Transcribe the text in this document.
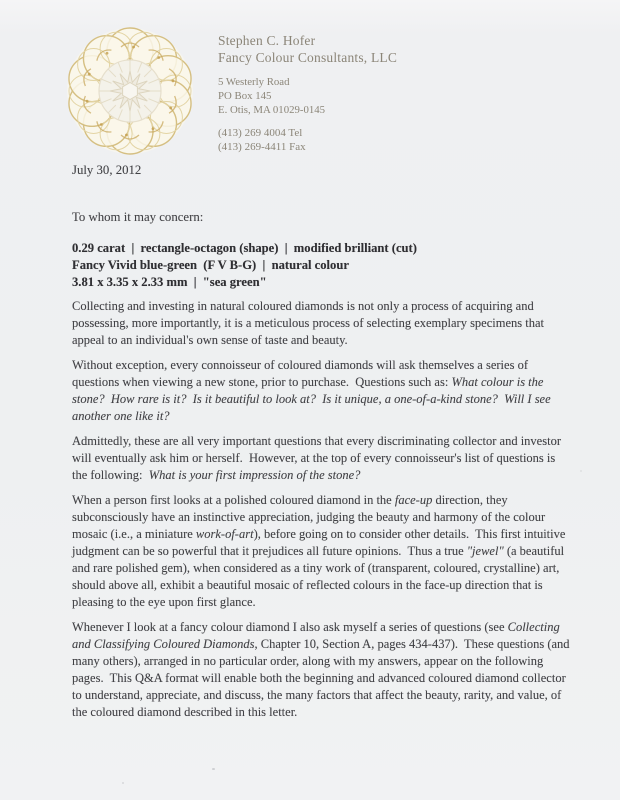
Stephen C. Hofer
Fancy Colour Consultants, LLC
5 Westerly Road
PO Box 145
E. Otis, MA 01029-0145
(413) 269 4004 Tel
(413) 269-4411 Fax
July 30, 2012
To whom it may concern:
0.29 carat  |  rectangle-octagon (shape)  |  modified brilliant (cut)
Fancy Vivid blue-green  (F V B-G)  |  natural colour
3.81 x 3.35 x 2.33 mm  |  "sea green"

Collecting and investing in natural coloured diamonds is not only a process of acquiring and possessing, more importantly, it is a meticulous process of selecting exemplary specimens that appeal to an individual's own sense of taste and beauty.

Without exception, every connoisseur of coloured diamonds will ask themselves a series of questions when viewing a new stone, prior to purchase.  Questions such as: What colour is the stone?  How rare is it?  Is it beautiful to look at?  Is it unique, a one-of-a-kind stone?  Will I see another one like it?

Admittedly, these are all very important questions that every discriminating collector and investor will eventually ask him or herself.  However, at the top of every connoisseur's list of questions is the following:  What is your first impression of the stone?

When a person first looks at a polished coloured diamond in the face-up direction, they subconsciously have an instinctive appreciation, judging the beauty and harmony of the colour mosaic (i.e., a miniature work-of-art), before going on to consider other details.  This first intuitive judgment can be so powerful that it prejudices all future opinions.  Thus a true "jewel" (a beautiful and rare polished gem), when considered as a tiny work of (transparent, coloured, crystalline) art, should above all, exhibit a beautiful mosaic of reflected colours in the face-up direction that is pleasing to the eye upon first glance.

Whenever I look at a fancy colour diamond I also ask myself a series of questions (see Collecting and Classifying Coloured Diamonds, Chapter 10, Section A, pages 434-437).  These questions (and many others), arranged in no particular order, along with my answers, appear on the following pages.  This Q&A format will enable both the beginning and advanced coloured diamond collector to understand, appreciate, and discuss, the many factors that affect the beauty, rarity, and value, of the coloured diamond described in this letter.
